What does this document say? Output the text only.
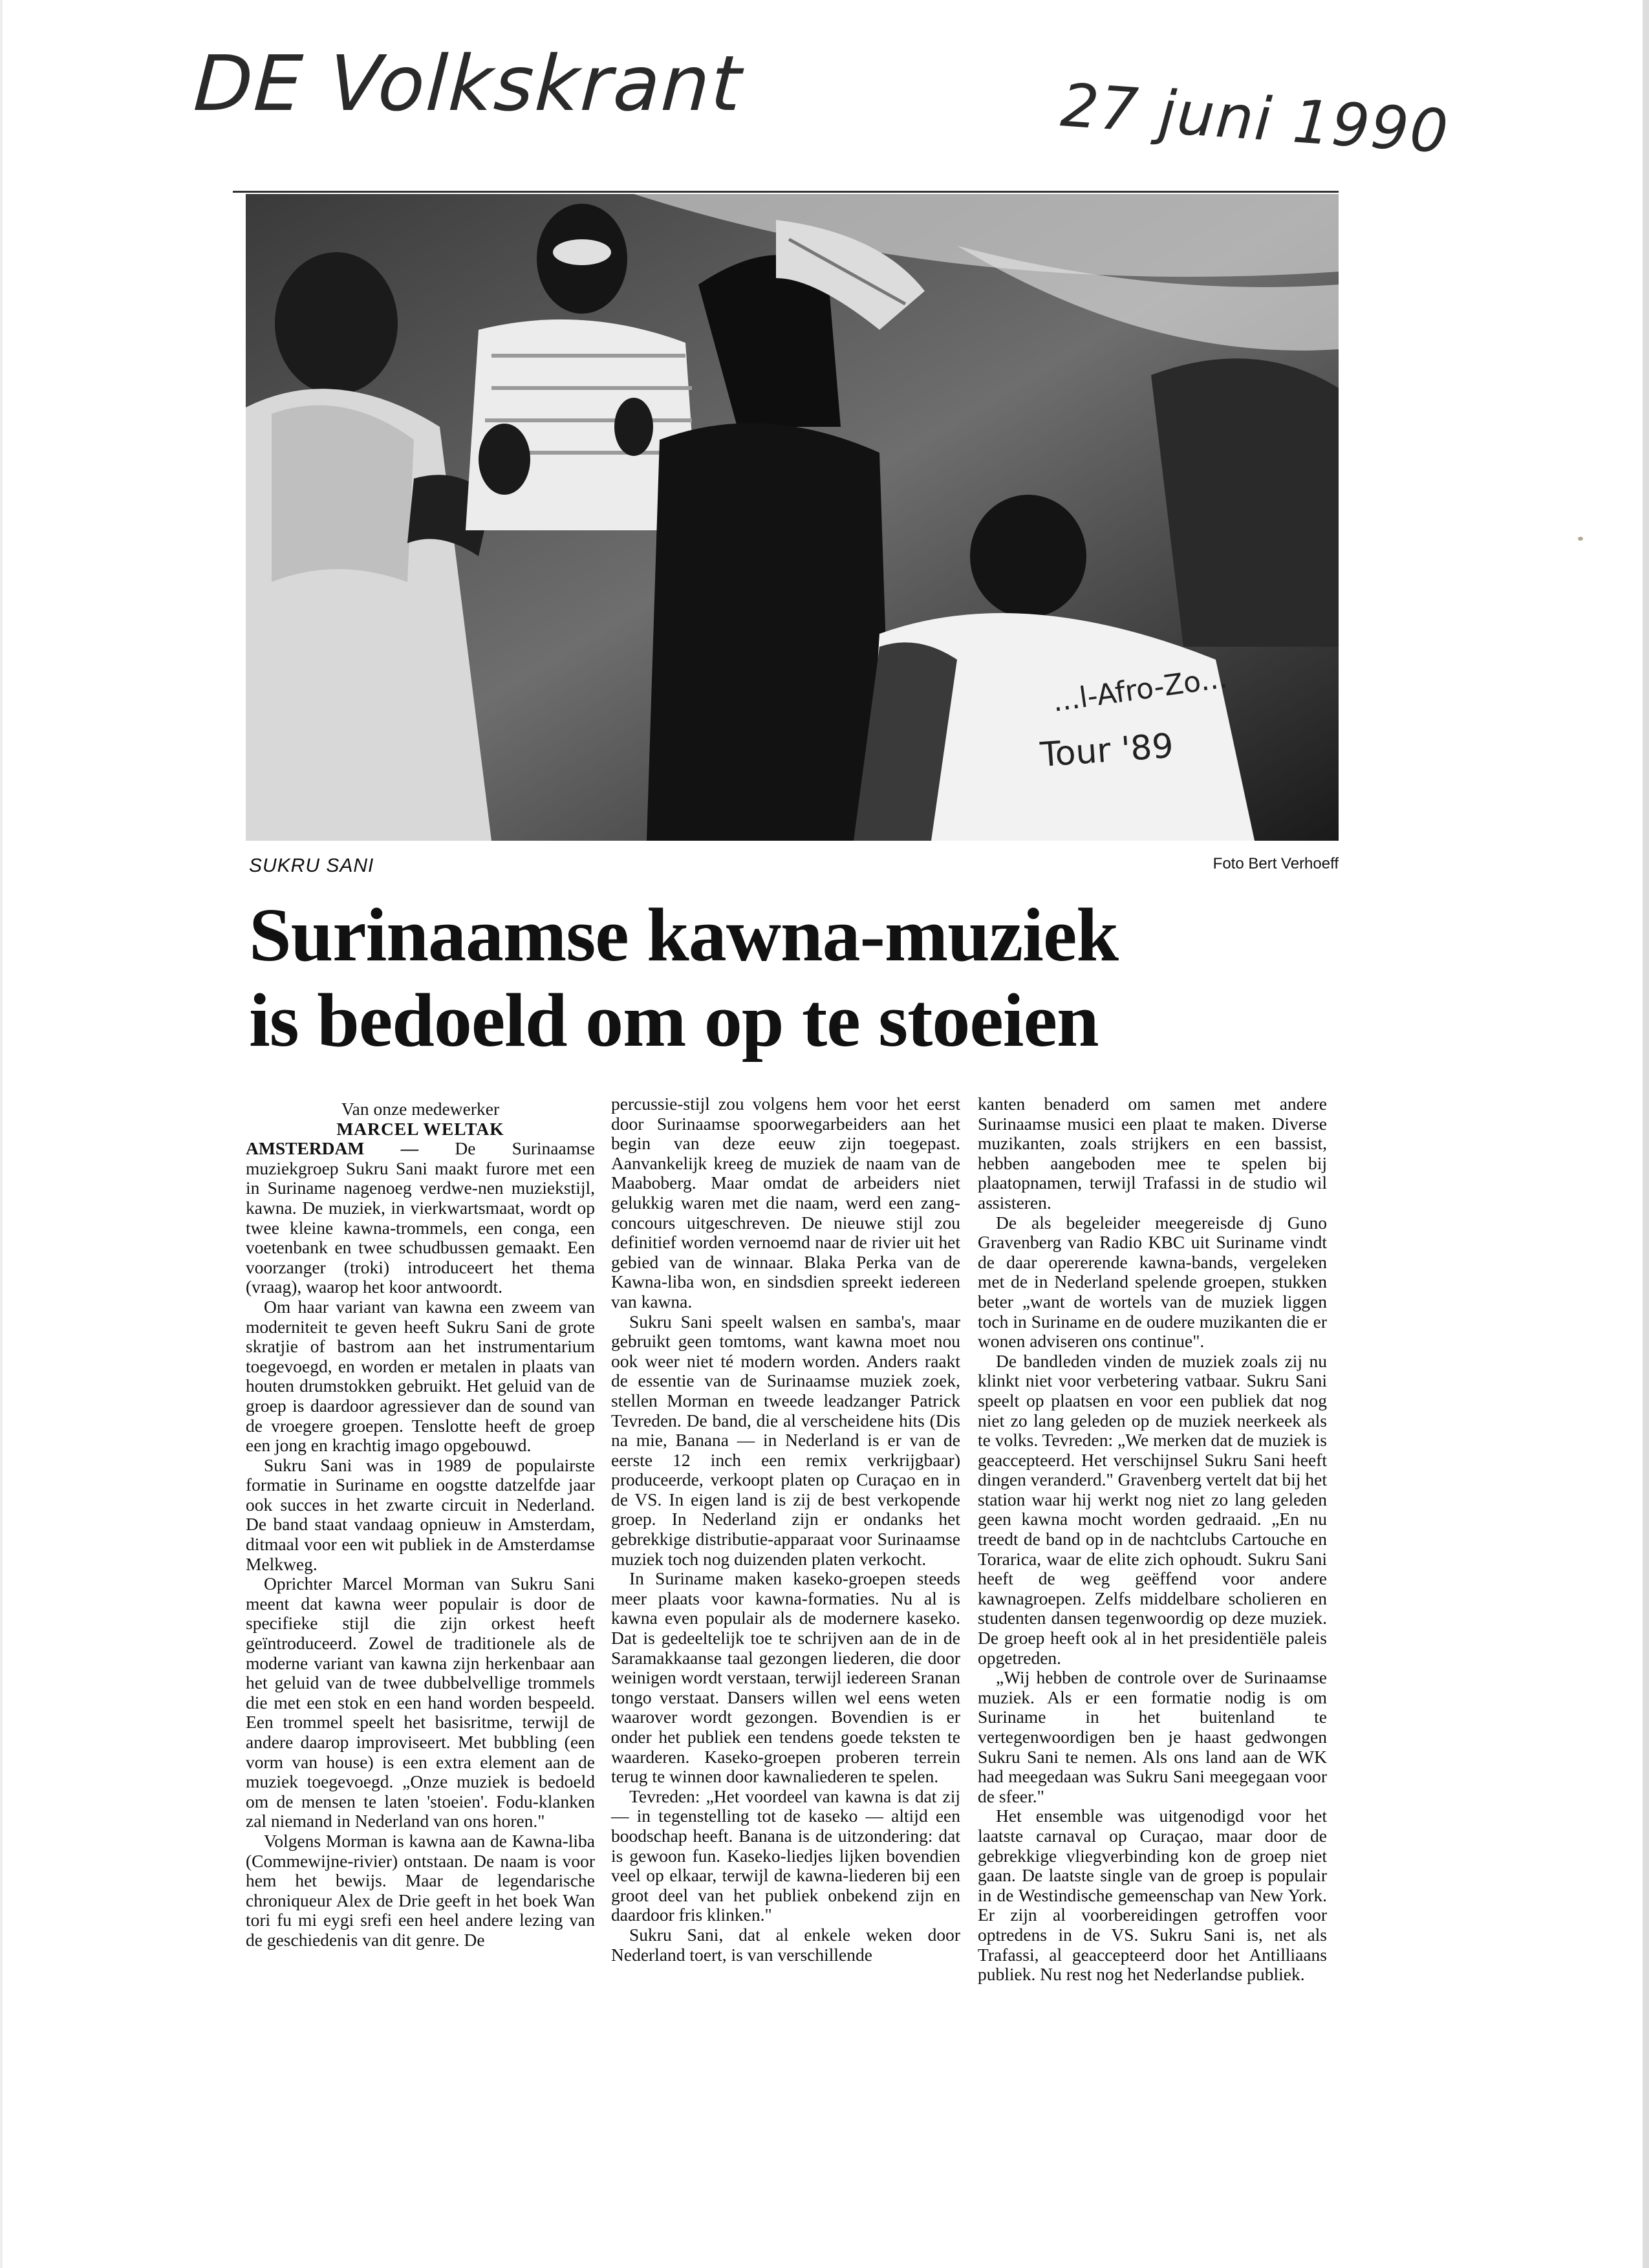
DE Volkskrant	27 juni 1990
...l-Afro-Zo...
Tour '89
SUKRU SANI	Foto Bert Verhoeff
Surinaamse kawna-muziek
is bedoeld om op te stoeien

Van onze medewerker

MARCEL WELTAK

AMSTERDAM — De Surinaamse muziekgroep Sukru Sani maakt furore met een in Suriname nagenoeg verdwe-nen muziekstijl, kawna. De muziek, in vierkwartsmaat, wordt op twee kleine kawna-trommels, een conga, een voetenbank en twee schudbussen gemaakt. Een voorzanger (troki) introduceert het thema (vraag), waarop het koor antwoordt.

Om haar variant van kawna een zweem van moderniteit te geven heeft Sukru Sani de grote skratjie of bastrom aan het instrumentarium toegevoegd, en worden er metalen in plaats van houten drumstokken gebruikt. Het geluid van de groep is daardoor agressiever dan de sound van de vroegere groepen. Tenslotte heeft de groep een jong en krachtig imago opgebouwd.

Sukru Sani was in 1989 de populairste formatie in Suriname en oogstte datzelfde jaar ook succes in het zwarte circuit in Nederland. De band staat vandaag opnieuw in Amsterdam, ditmaal voor een wit publiek in de Amsterdamse Melkweg.

Oprichter Marcel Morman van Sukru Sani meent dat kawna weer populair is door de specifieke stijl die zijn orkest heeft geïntroduceerd. Zowel de traditionele als de moderne variant van kawna zijn herkenbaar aan het geluid van de twee dubbelvellige trommels die met een stok en een hand worden bespeeld. Een trommel speelt het basisritme, terwijl de andere daarop improviseert. Met bubbling (een vorm van house) is een extra element aan de muziek toegevoegd. „Onze muziek is bedoeld om de mensen te laten 'stoeien'. Fodu-klanken zal niemand in Nederland van ons horen."

Volgens Morman is kawna aan de Kawna-liba (Commewijne-rivier) ontstaan. De naam is voor hem het bewijs. Maar de legendarische chroniqueur Alex de Drie geeft in het boek Wan tori fu mi eygi srefi een heel andere lezing van de geschiedenis van dit genre. De

percussie-stijl zou volgens hem voor het eerst door Surinaamse spoorwegarbeiders aan het begin van deze eeuw zijn toegepast. Aanvankelijk kreeg de muziek de naam van de Maaboberg. Maar omdat de arbeiders niet gelukkig waren met die naam, werd een zang-concours uitgeschreven. De nieuwe stijl zou definitief worden vernoemd naar de rivier uit het gebied van de winnaar. Blaka Perka van de Kawna-liba won, en sindsdien spreekt iedereen van kawna.

Sukru Sani speelt walsen en samba's, maar gebruikt geen tomtoms, want kawna moet nou ook weer niet té modern worden. Anders raakt de essentie van de Surinaamse muziek zoek, stellen Morman en tweede leadzanger Patrick Tevreden. De band, die al verscheidene hits (Dis na mie, Banana — in Nederland is er van de eerste 12 inch een remix verkrijgbaar) produceerde, verkoopt platen op Curaçao en in de VS. In eigen land is zij de best verkopende groep. In Nederland zijn er ondanks het gebrekkige distributie-apparaat voor Surinaamse muziek toch nog duizenden platen verkocht.

In Suriname maken kaseko-groepen steeds meer plaats voor kawna-formaties. Nu al is kawna even populair als de modernere kaseko. Dat is gedeeltelijk toe te schrijven aan de in de Saramakkaanse taal gezongen liederen, die door weinigen wordt verstaan, terwijl iedereen Sranan tongo verstaat. Dansers willen wel eens weten waarover wordt gezongen. Bovendien is er onder het publiek een tendens goede teksten te waarderen. Kaseko-groepen proberen terrein terug te winnen door kawnaliederen te spelen.

Tevreden: „Het voordeel van kawna is dat zij — in tegenstelling tot de kaseko — altijd een boodschap heeft. Banana is de uitzondering: dat is gewoon fun. Kaseko-liedjes lijken bovendien veel op elkaar, terwijl de kawna-liederen bij een groot deel van het publiek onbekend zijn en daardoor fris klinken."

Sukru Sani, dat al enkele weken door Nederland toert, is van verschillende

kanten benaderd om samen met andere Surinaamse musici een plaat te maken. Diverse muzikanten, zoals strijkers en een bassist, hebben aangeboden mee te spelen bij plaatopnamen, terwijl Trafassi in de studio wil assisteren.

De als begeleider meegereisde dj Guno Gravenberg van Radio KBC uit Suriname vindt de daar opererende kawna-bands, vergeleken met de in Nederland spelende groepen, stukken beter „want de wortels van de muziek liggen toch in Suriname en de oudere muzikanten die er wonen adviseren ons continue".

De bandleden vinden de muziek zoals zij nu klinkt niet voor verbetering vatbaar. Sukru Sani speelt op plaatsen en voor een publiek dat nog niet zo lang geleden op de muziek neerkeek als te volks. Tevreden: „We merken dat de muziek is geaccepteerd. Het verschijnsel Sukru Sani heeft dingen veranderd." Gravenberg vertelt dat bij het station waar hij werkt nog niet zo lang geleden geen kawna mocht worden gedraaid. „En nu treedt de band op in de nachtclubs Cartouche en Torarica, waar de elite zich ophoudt. Sukru Sani heeft de weg geëffend voor andere kawnagroepen. Zelfs middelbare scholieren en studenten dansen tegenwoordig op deze muziek. De groep heeft ook al in het presidentiële paleis opgetreden.

„Wij hebben de controle over de Surinaamse muziek. Als er een formatie nodig is om Suriname in het buitenland te vertegenwoordigen ben je haast gedwongen Sukru Sani te nemen. Als ons land aan de WK had meegedaan was Sukru Sani meegegaan voor de sfeer."

Het ensemble was uitgenodigd voor het laatste carnaval op Curaçao, maar door de gebrekkige vliegverbinding kon de groep niet gaan. De laatste single van de groep is populair in de Westindische gemeenschap van New York. Er zijn al voorbereidingen getroffen voor optredens in de VS. Sukru Sani is, net als Trafassi, al geaccepteerd door het Antilliaans publiek. Nu rest nog het Nederlandse publiek.
